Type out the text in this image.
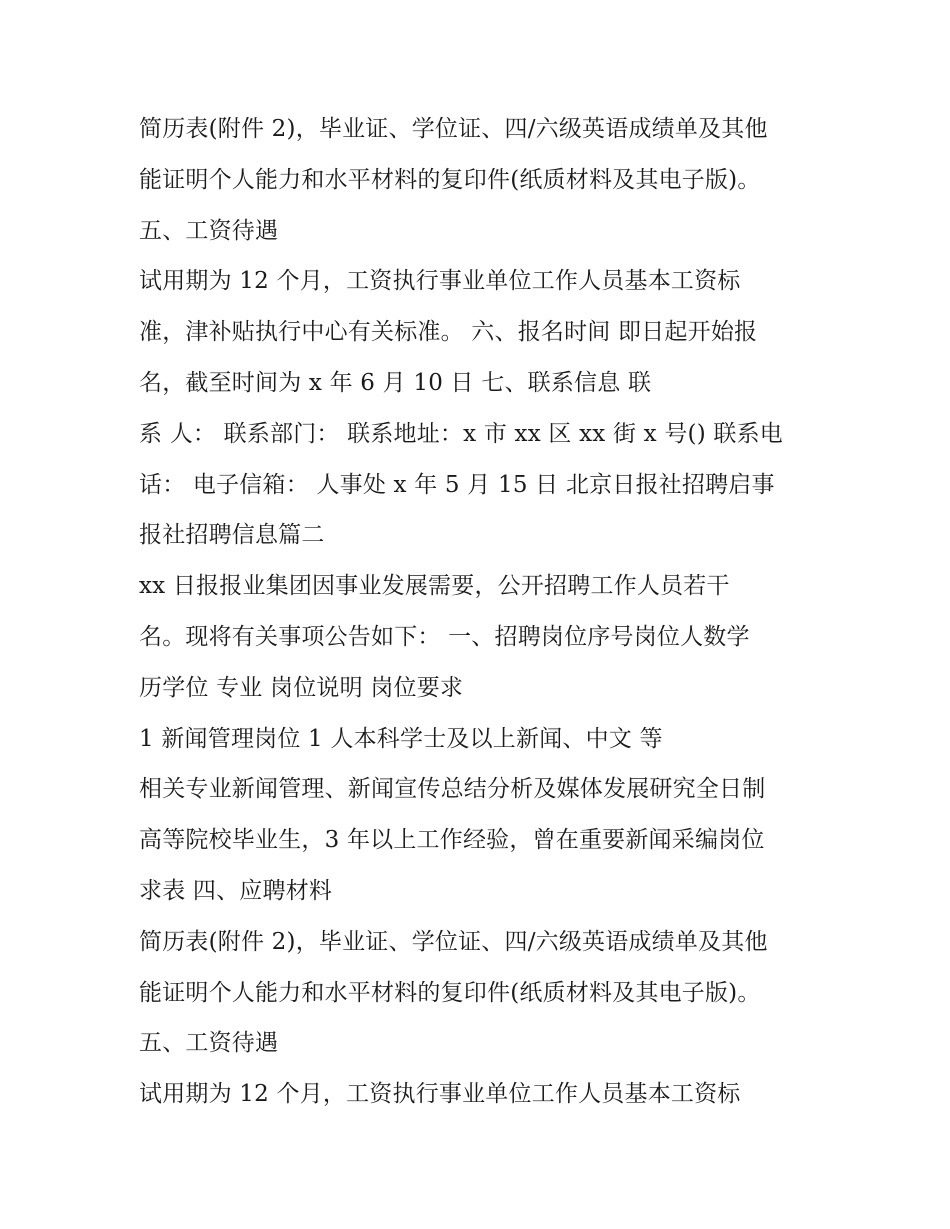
简历表(附件 2)，毕业证、学位证、四/六级英语成绩单及其他
能证明个人能力和水平材料的复印件(纸质材料及其电子版)。
五、工资待遇
试用期为 12 个月，工资执行事业单位工作人员基本工资标
准，津补贴执行中心有关标准。 六、报名时间 即日起开始报
名，截至时间为 x 年 6 月 10 日 七、联系信息 联
系 人： 联系部门： 联系地址：x 市 xx 区 xx 街 x 号() 联系电
话： 电子信箱： 人事处 x 年 5 月 15 日 北京日报社招聘启事
报社招聘信息篇二
xx 日报报业集团因事业发展需要，公开招聘工作人员若干
名。现将有关事项公告如下： 一、招聘岗位序号岗位人数学
历学位 专业 岗位说明 岗位要求
1 新闻管理岗位 1 人本科学士及以上新闻、中文 等
相关专业新闻管理、新闻宣传总结分析及媒体发展研究全日制
高等院校毕业生，3 年以上工作经验，曾在重要新闻采编岗位
求表 四、应聘材料
简历表(附件 2)，毕业证、学位证、四/六级英语成绩单及其他
能证明个人能力和水平材料的复印件(纸质材料及其电子版)。
五、工资待遇
试用期为 12 个月，工资执行事业单位工作人员基本工资标
